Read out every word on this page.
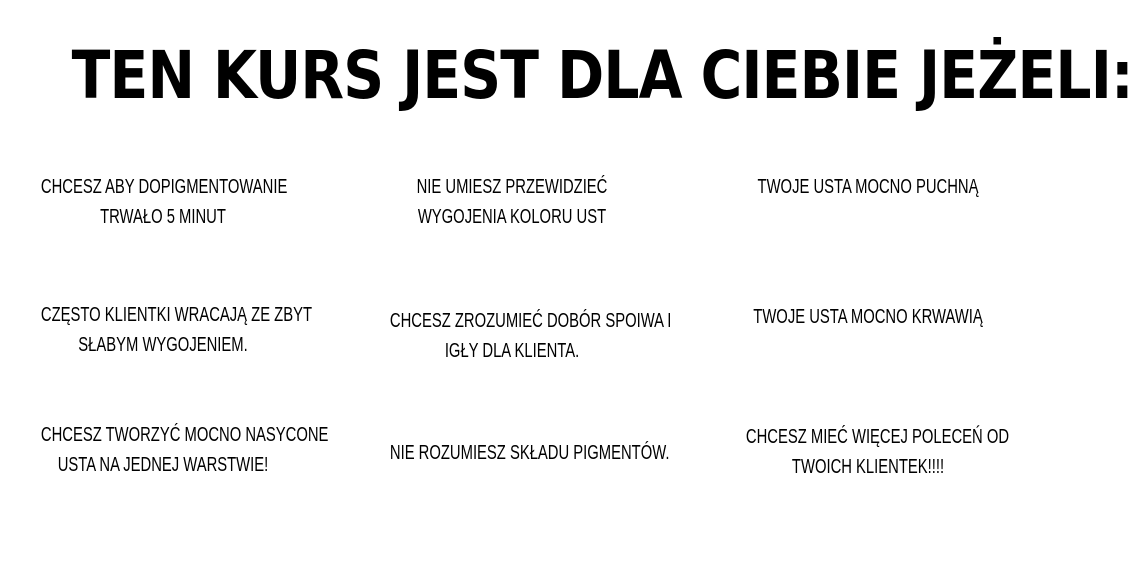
TEN KURS JEST DLA CIEBIE JEŻELI:
CHCESZ ABY DOPIGMENTOWANIE
TRWAŁO 5 MINUT
NIE UMIESZ PRZEWIDZIEĆ
WYGOJENIA KOLORU UST
TWOJE USTA MOCNO PUCHNĄ
CZĘSTO KLIENTKI WRACAJĄ ZE ZBYT
SŁABYM WYGOJENIEM.
CHCESZ ZROZUMIEĆ DOBÓR SPOIWA I
IGŁY DLA KLIENTA.
TWOJE USTA MOCNO KRWAWIĄ
CHCESZ TWORZYĆ MOCNO NASYCONE
USTA NA JEDNEJ WARSTWIE!
NIE ROZUMIESZ SKŁADU PIGMENTÓW.
CHCESZ MIEĆ WIĘCEJ POLECEŃ OD
TWOICH KLIENTEK!!!!
